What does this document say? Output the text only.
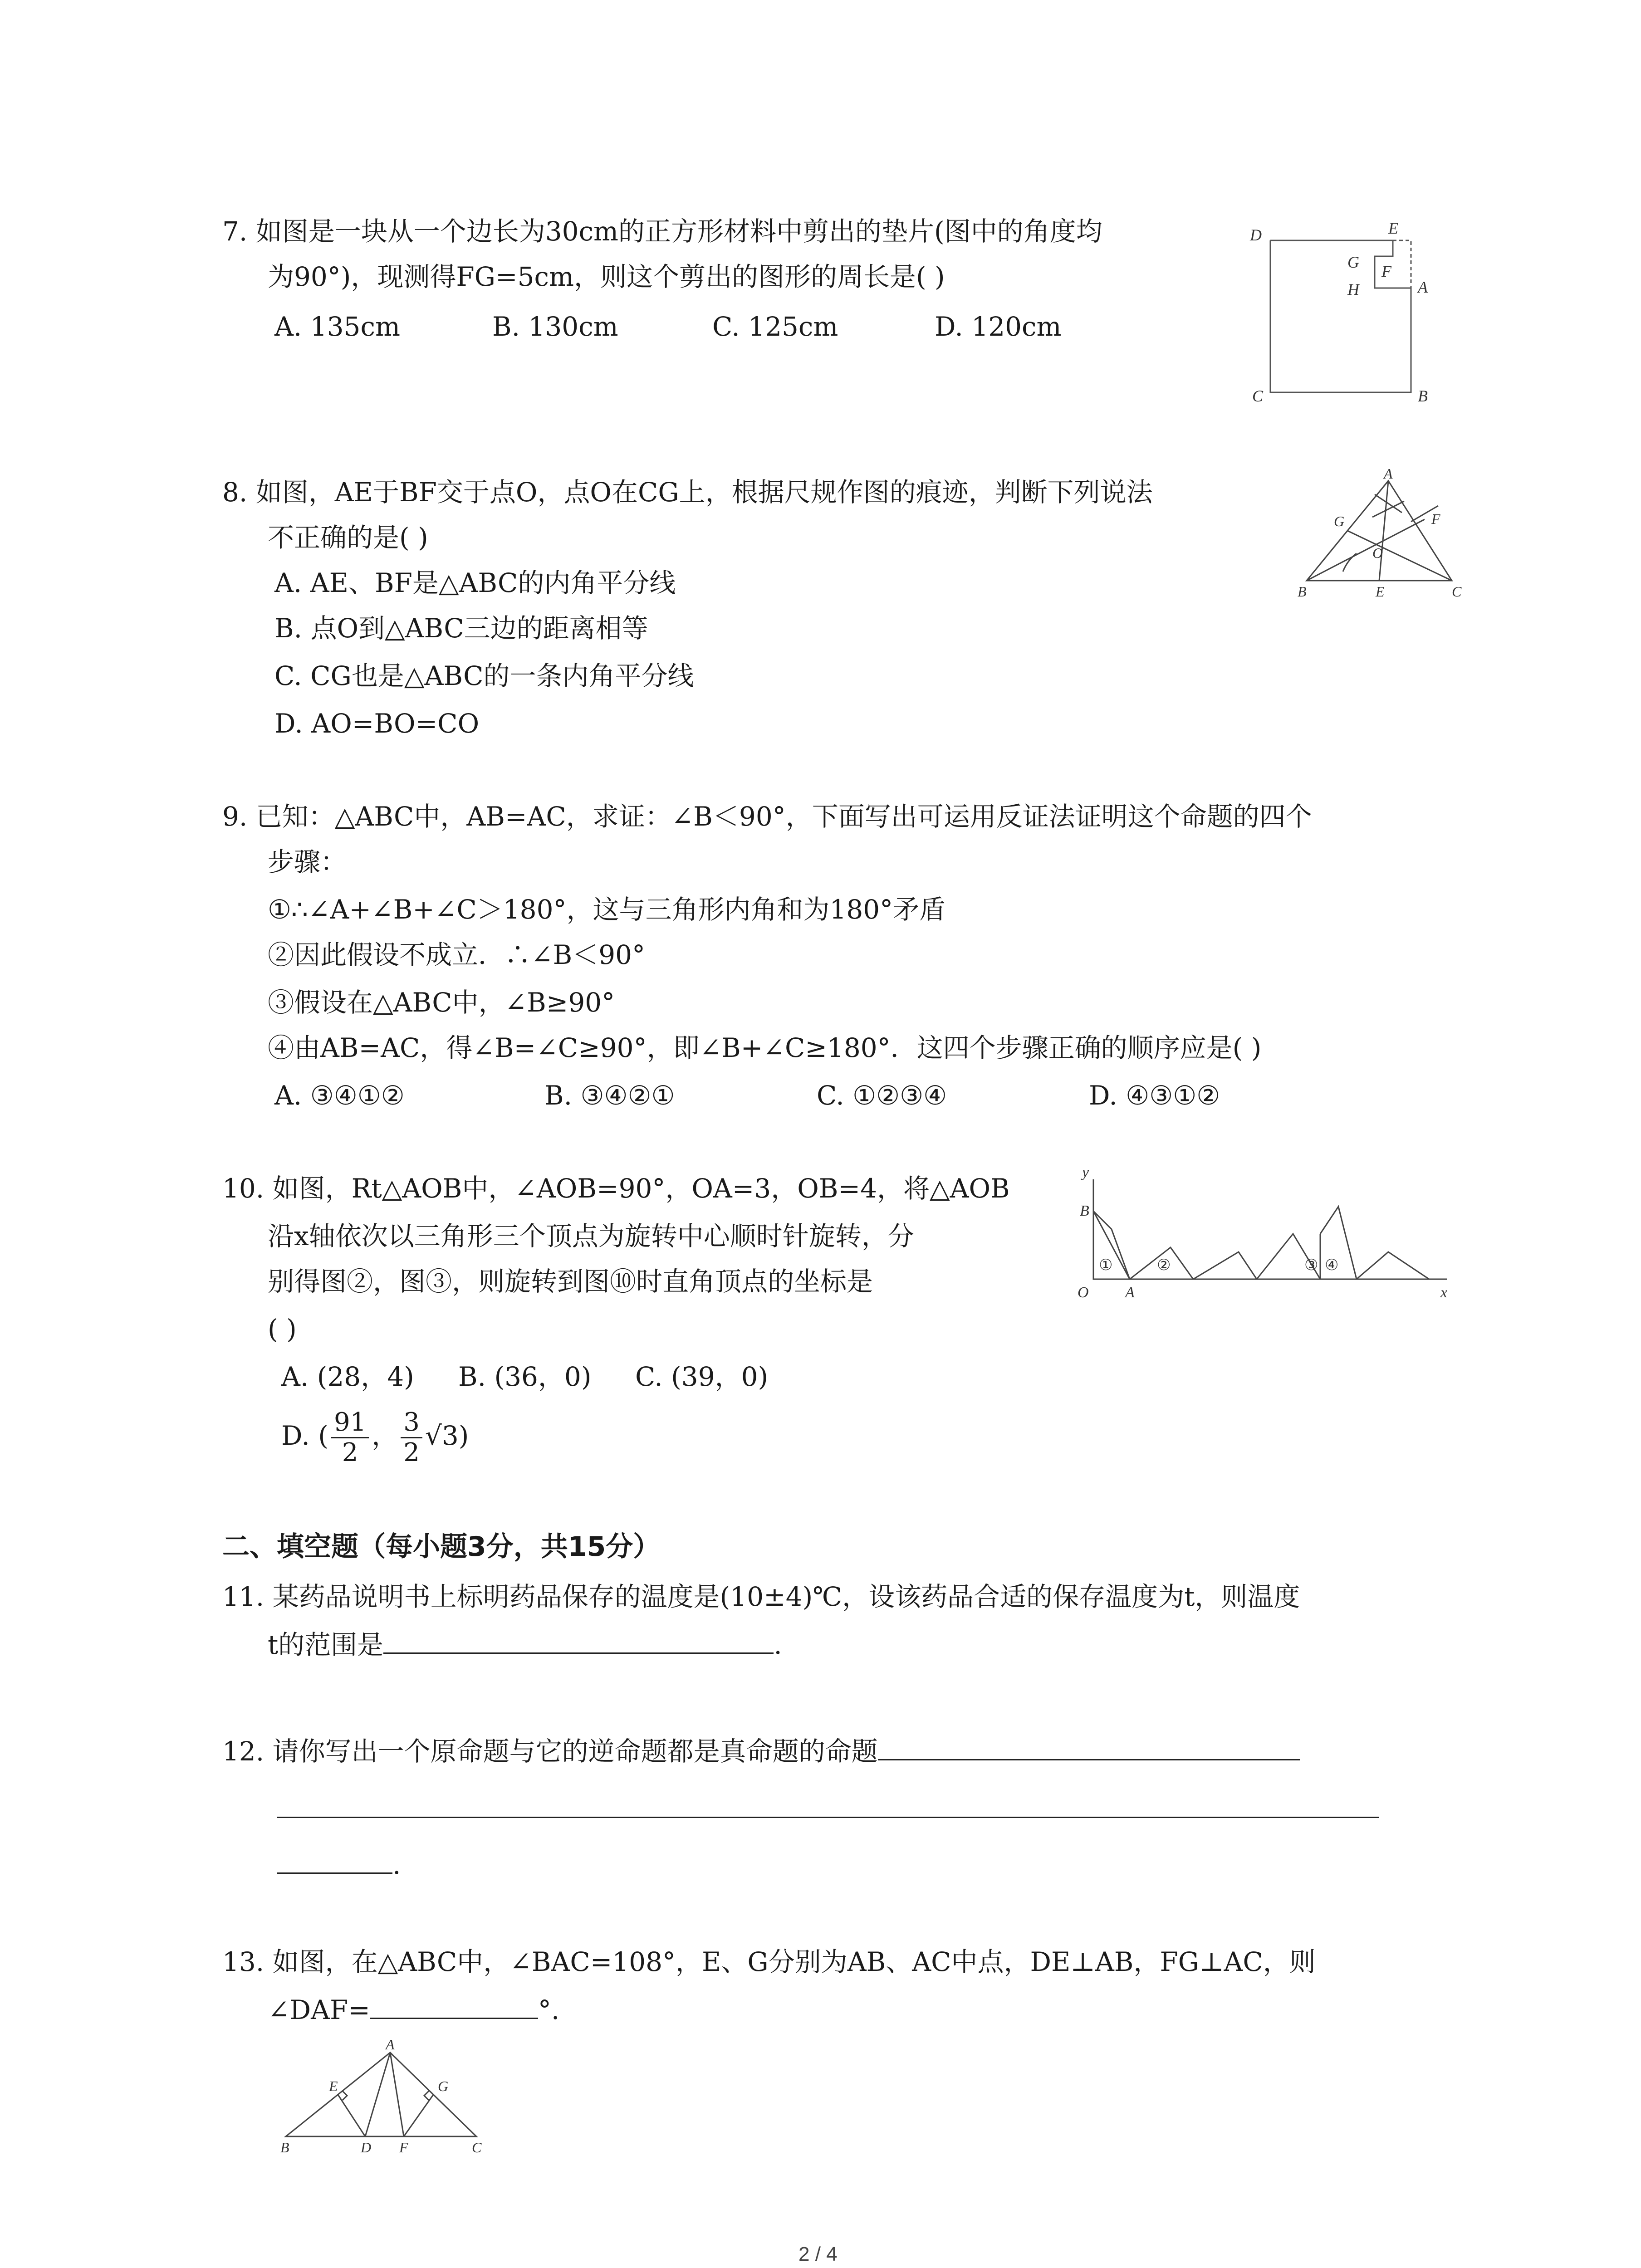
7. 如图是一块从一个边长为30cm的正方形材料中剪出的垫片(图中的角度均
为90°)，现测得FG=5cm，则这个剪出的图形的周长是( )
A. 135cm	B. 130cm	C. 125cm	D. 120cm
D	E
G F
H	A
C	B
8. 如图，AE于BF交于点O，点O在CG上，根据尺规作图的痕迹，判断下列说法
不正确的是( )
A. AE、BF是△ABC的内角平分线
B. 点O到△ABC三边的距离相等
C. CG也是△ABC的一条内角平分线
D. AO=BO=CO
A
G	F
O
B	E	C
9. 已知：△ABC中，AB=AC，求证：∠B＜90°，下面写出可运用反证法证明这个命题的四个
步骤：
①∴∠A+∠B+∠C＞180°，这与三角形内角和为180°矛盾
②因此假设不成立．∴∠B＜90°
③假设在△ABC中，∠B≥90°
④由AB=AC，得∠B=∠C≥90°，即∠B+∠C≥180°．这四个步骤正确的顺序应是( )
A. ③④①②	B. ③④②①	C. ①②③④	D. ④③①②
10. 如图，Rt△AOB中，∠AOB=90°，OA=3，OB=4，将△AOB
沿x轴依次以三角形三个顶点为旋转中心顺时针旋转，分
别得图②，图③，则旋转到图⑩时直角顶点的坐标是
( )
A. (28，4) B. (36，0) C. (39，0)
D. ( $\frac{91}{2}$ ， $\frac{3}{2} √3$)
y
B
O A	x
①	②	③ ④
二、填空题（每小题3分，共15分）
11. 某药品说明书上标明药品保存的温度是(10±4)℃，设该药品合适的保存温度为t，则温度
t的范围是	.
12. 请你写出一个原命题与它的逆命题都是真命题的命题
.
13. 如图，在△ABC中，∠BAC=108°，E、G分别为AB、AC中点，DE⊥AB，FG⊥AC，则
∠DAF=	°.
A
E	G
B	D F	C
2 / 4
